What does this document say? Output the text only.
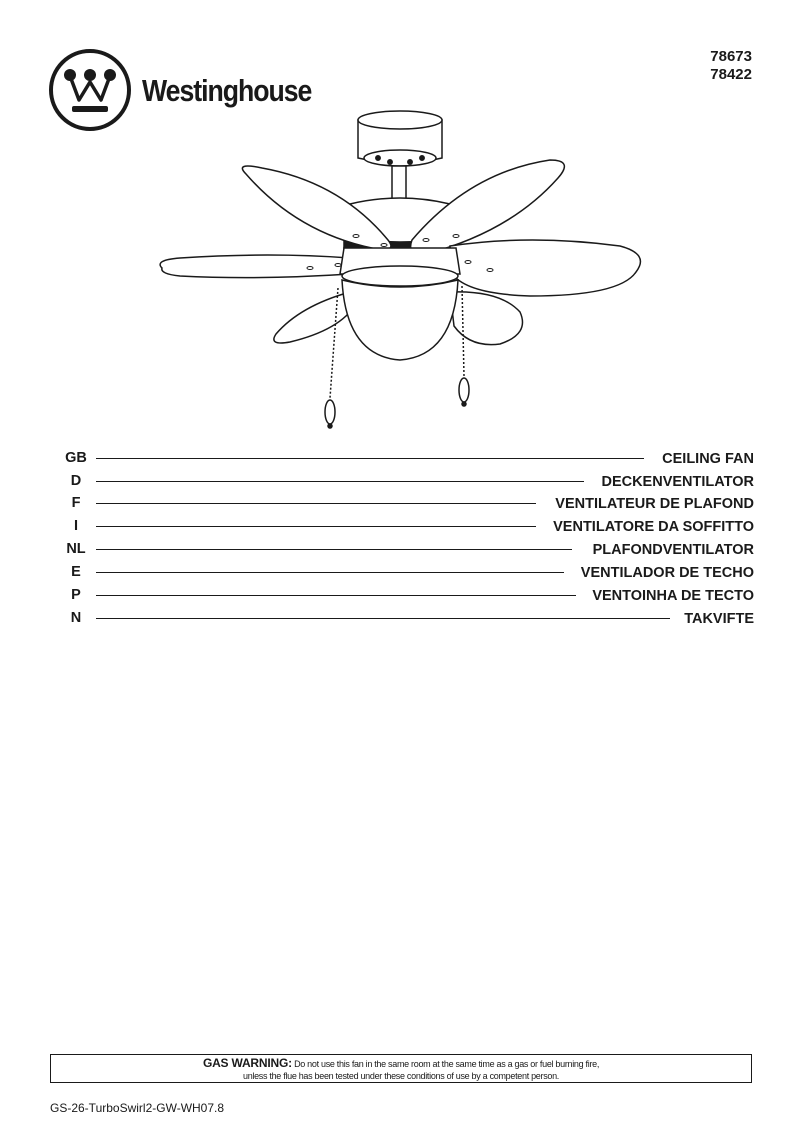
Westinghouse
78673
78422
GB	CEILING FAN
D	DECKENVENTILATOR
F	VENTILATEUR DE PLAFOND
I	VENTILATORE DA SOFFITTO
NL	PLAFONDVENTILATOR
E	VENTILADOR DE TECHO
P	VENTOINHA DE TECTO
N	TAKVIFTE
GAS WARNING: Do not use this fan in the same room at the same time as a gas or fuel burning fire,
unless the flue has been tested under these conditions of use by a competent person.
GS-26-TurboSwirl2-GW-WH07.8
